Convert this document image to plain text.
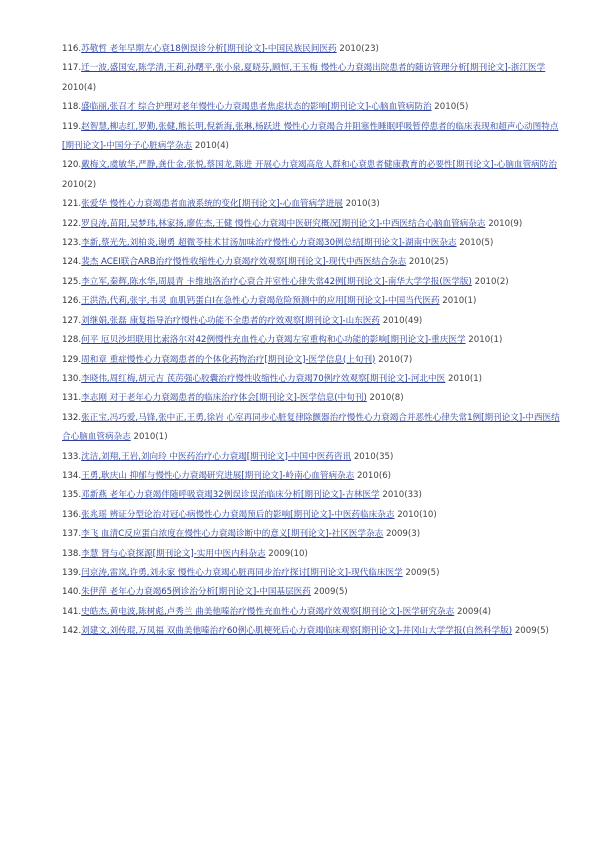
116.苏敬哲 老年早期左心衰18例误诊分析[期刊论文]-中国民族民间医药 2010(23)

117.迁一波,盛国安,陈学清,王莉,孙曙平,张小泉,夏晓芬,顾恒,王玉梅 慢性心力衰竭出院患者的随访管理分析[期刊论文]-浙江医学 2010(4)

118.盛临丽,张召才 综合护理对老年慢性心力衰竭患者焦虑状态的影响[期刊论文]-心脑血管病防治 2010(5)

119.赵智慧,柳志红,罗勤,张健,熊长明,倪新海,张琳,杨跃进 慢性心力衰竭合并阻塞性睡眠呼吸暂停患者的临床表现和超声心动图特点[期刊论文]-中国分子心脏病学杂志 2010(4)

120.戴梅文,虞敏华,严静,龚仕金,张悦,蔡国龙,陈进 开展心力衰竭高危人群和心衰患者健康教育的必要性[期刊论文]-心脑血管病防治 2010(2)

121.张爱华 慢性心力衰竭患者血液系统的变化[期刊论文]-心血管病学进展 2010(3)

122.罗良涛,苗阳,吴梦玮,林家扬,廖佐杰,王健 慢性心力衰竭中医研究概况[期刊论文]-中西医结合心脑血管病杂志 2010(9)

123.李新,蔡光先,刘柏炎,谢勇 超微苓桂术甘汤加味治疗慢性心力衰竭30例总结[期刊论文]-湖南中医杂志 2010(5)

124.裴杰 ACEI联合ARB治疗慢性收缩性心力衰竭疗效观察[期刊论文]-现代中西医结合杂志 2010(25)

125.李立军,秦辉,陈水华,周晨青 卡维地洛治疗心衰合并室性心律失常42例[期刊论文]-南华大学学报(医学版) 2010(2)

126.王洪浩,代莉,张宇,韦灵 血肌钙蛋白Ⅰ在急性心力衰竭危险预测中的应用[期刊论文]-中国当代医药 2010(1)

127.刘继娟,张磊 康复指导治疗慢性心功能不全患者的疗效观察[期刊论文]-山东医药 2010(49)

128.何平 厄贝沙坦联用比索洛尔对42例慢性充血性心力衰竭左室重构和心功能的影响[期刊论文]-重庆医学 2010(1)

129.周和章 重症慢性心力衰竭患者的个体化药物治疗[期刊论文]-医学信息(上旬刊) 2010(7)

130.李晓伟,周红梅,胡元吉 芪苈强心胶囊治疗慢性收缩性心力衰竭70例疗效观察[期刊论文]-河北中医 2010(1)

131.李志刚 对于老年心力衰竭患者的临床治疗体会[期刊论文]-医学信息(中旬刊) 2010(8)

132.张正宝,冯巧爱,马锋,张中正,王勇,徐岩 心室再同步心脏复律除颤器治疗慢性心力衰竭合并恶性心律失常1例[期刊论文]-中西医结合心脑血管病杂志 2010(1)

133.沈洁,刘翔,王岩,刘向玲 中医药治疗心力衰竭[期刊论文]-中国中医药咨讯 2010(35)

134.王勇,耿庆山 抑郁与慢性心力衰竭研究进展[期刊论文]-岭南心血管病杂志 2010(6)

135.邓新燕 老年心力衰竭伴随呼吸衰竭32例误诊误治临床分析[期刊论文]-吉林医学 2010(33)

136.张兆瑶 辨证分型论治对冠心病慢性心力衰竭预后的影响[期刊论文]-中医药临床杂志 2010(10)

137.李飞 血清C反应蛋白浓度在慢性心力衰竭诊断中的意义[期刊论文]-社区医学杂志 2009(3)

138.李慧 肾与心衰探源[期刊论文]-实用中医内科杂志 2009(10)

139.闫京涛,雷岚,许勇,刘永家 慢性心力衰竭心脏再同步治疗探讨[期刊论文]-现代临床医学 2009(5)

140.朱伊萍 老年心力衰竭65例诊治分析[期刊论文]-中国基层医药 2009(5)

141.史皓杰,黄电波,陈树彪,卢秀兰 曲美他嗪治疗慢性充血性心力衰竭疗效观察[期刊论文]-医学研究杂志 2009(4)

142.刘建文,刘传琨,万凤福 双曲美他嗪治疗60例心肌梗死后心力衰竭临床观察[期刊论文]-井冈山大学学报(自然科学版) 2009(5)
